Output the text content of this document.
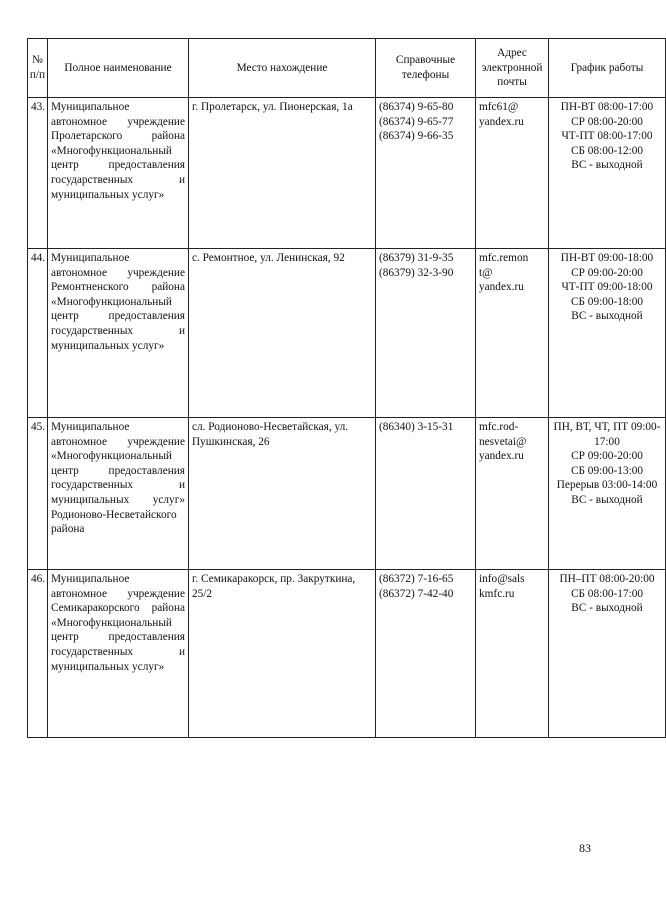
№ п/п	Полное наименование	Место нахождение	Справочные телефоны	Адрес электронной почты	График работы
43.	Муниципальное автономное учреждение Пролетарского района «Многофункциональный центр предоставления государственных и муниципальных услуг»	г. Пролетарск, ул. Пионерская, 1а	(86374) 9-65-80
(86374) 9-65-77
(86374) 9-66-35	mfc61@
yandex.ru	ПН-ВТ 08:00-17:00
СР 08:00-20:00
ЧТ-ПТ 08:00-17:00
СБ 08:00-12:00
ВС - выходной

44.	Муниципальное автономное учреждение Ремонтненского района «Многофункциональный центр предоставления государственных и муниципальных услуг»	с. Ремонтное, ул. Ленинская, 92	(86379) 31-9-35
(86379) 32-3-90	mfc.remon
t@
yandex.ru	ПН-ВТ 09:00-18:00
СР 09:00-20:00
ЧТ-ПТ 09:00-18:00
СБ 09:00-18:00
ВС - выходной

45.	Муниципальное автономное учреждение «Многофункциональный центр предоставления государственных и муниципальных услуг» Родионово-Несветайского района	сл. Родионово-Несветайская, ул. Пушкинская, 26	(86340) 3-15-31	mfc.rod-
nesvetai@
yandex.ru	ПН, ВТ, ЧТ, ПТ 09:00-17:00
СР 09:00-20:00
СБ 09:00-13:00
Перерыв 03:00-14:00
ВС - выходной

46.	Муниципальное автономное учреждение Семикаракорского района «Многофункциональный центр предоставления государственных и муниципальных услуг»	г. Семикаракорск, пр. Закруткина, 25/2	(86372) 7-16-65
(86372) 7-42-40	info@sals
kmfc.ru	ПН–ПТ 08:00-20:00
СБ 08:00-17:00
ВС - выходной
83
